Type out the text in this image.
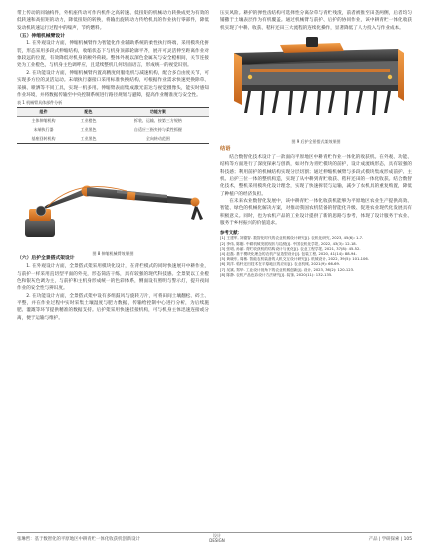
带上传动的同轴构件，外机座传动可作内机件之高转速、低扭矩的机械动力转换成更为有效的低转速和高扭矩的动力，降低扭矩的转换，将输出旋转动力传给机具的作业执行零部件，降低发动机转速运行过程中的噪声，节约燃料。

（五）伸缩机械臂设计

1. 在外观设计方面，伸缩机械臂作为智能化作业辅助系统的柔性执行终端，采用模块化拼装，形态采用多段式伸缩结构，收缩状态下与机身顶部轮廓平齐，展开可灵活伸至距离作业对象较远的位置，有效降低对机身的额外荷载。整体外观以深色金属灰与安全橙相间，关节连接处为工业橙色，与机身主色调呼应，且延续整机几何切面语言，形成统一的视觉识别。

2. 在功能设计方面，伸缩机械臂内置高精度伺服电机与减速机构，配合多自由度关节，可实现多方位的灵活运动。末端执行器接口采用标准快换结构，可根据作业需求快速更换除草、采摘、喷洒等不同工具，实现一机多用。伸缩臂表面集成激光雷达与视觉摄像头，能实时感知作业环境，并将数据传输至中央控制系统进行路径规划与避障，提高作业精准度与安全性。

表 1 机械臂具体部件分析
组件	配色	功能方案
主体伸缩机构	工业橙色	拆装、运输、按第三方规格
末端执行器	工业黑色	自适应三指夹持与柔性抓握
基座回转机构	工业黑色	全向转动范围
图 8 伸缩机械臂效果图
（六）后护全景搭式架设计

1. 在外观设计方面，全景搭式架采用模块化设计，在背栏模式的同时快速展开中耕作业，与前护一样采用直切型平面的外壳，形态简洁干练，具有较强的现代科技感。全景架以工业橙色和银灰色调为主，与前护和主机身形成统一的色彩体系，侧面设有照明与警示灯，提升夜间作业的安全性与辨识度。

2. 在功能设计方面，全景搭式架中设有多组鼓风与旋转刀片，可将田间土壤翻松、碎土、平整，并在作业过程中实时采集土壤湿度与肥力数据，传输给控制中心进行分析，为后续施肥、灌溉等环节提供精准的数据支持。后护架采用快速挂接机构，可与机身主体迅速连接或分离，便于运输与维护。

压实风险。耕护的弹性齿结构可选择性分离杂草与青贮残渣，前者被推至田垄两侧，后者均匀铺撒于土壤表层作为有机覆盖。通过机械臂与前护、后护的协同作业，该中耕青贮一体化收获机实现了中耕、收获、秸秆还田三大流程的连续化操作，显著降低了人力投入与作业成本。

图 9 后护全景搭式架效果图
结语

结合数智化技术设计了一款面向平原地区中耕青贮作业一体化的收获机。在外观、功能、结构等方面进行了深度探索与创新，如对作为青贮模块的前护，设计成流线形态，具有较强的科技感；利用前护的机械结构实现分层切割；通过伸缩机械臂与多段式模块集成形成前护、主机、后护三位一体的整机构造，实现了从中耕到青贮收获、秸秆还田的一体化收获。结合数智化技术，整机采用模块化设计理念，实现了快速拆装与运输，减少了农机具的重复购置，降低了种植户的经济负担。

在未来农业数智化发展中，该中耕青贮一体化收获机能够为平原地区农业生产提供高效、智能、绿色的机械化解决方案，对推动我国农机装备的智能化升级、促进农业现代化发展具有积极意义。同时，也为农机产品的工业设计提供了新的思路与参考，体现了设计服务于农业、服务于乡村振兴的价值追求。

参考文献：
[1] 王建军, 刘德智. 数智化时代的农业机械设计研究[J]. 农机化研究, 2023, 45(6): 1-7.
[2] 李伟, 陈刚. 中耕机械发展现状与趋势[J]. 中国农机化学报, 2022, 43(3): 12-18.
[3] 张明, 孙丽. 青贮收获机的结构设计与优化[J]. 农业工程学报, 2021, 37(8): 45-52.
[4] 赵磊. 基于模块化理念的农机产品造型设计[J]. 包装工程, 2020, 41(14): 88-94.
[5] 黄晓东, 周敏. 智能农机装备的人机交互设计研究[J]. 机械设计, 2022, 39(5): 101-106.
[6] 刘洋. 秸秆还田技术在平原地区的应用[J]. 农业机械, 2021(9): 66-69.
[7] 吴斌, 郑华. 工业设计视角下的农业机械创新[J]. 设计, 2023, 36(2): 120-123.
[8] 陈静. 农机产品色彩设计方法研究[J]. 装饰, 2020(11): 132-135.
张琳哲：基于数智化的平原地区中耕青贮一体化收获机创新设计
设计
DESIGN	产品 | 学研探索 | 105
